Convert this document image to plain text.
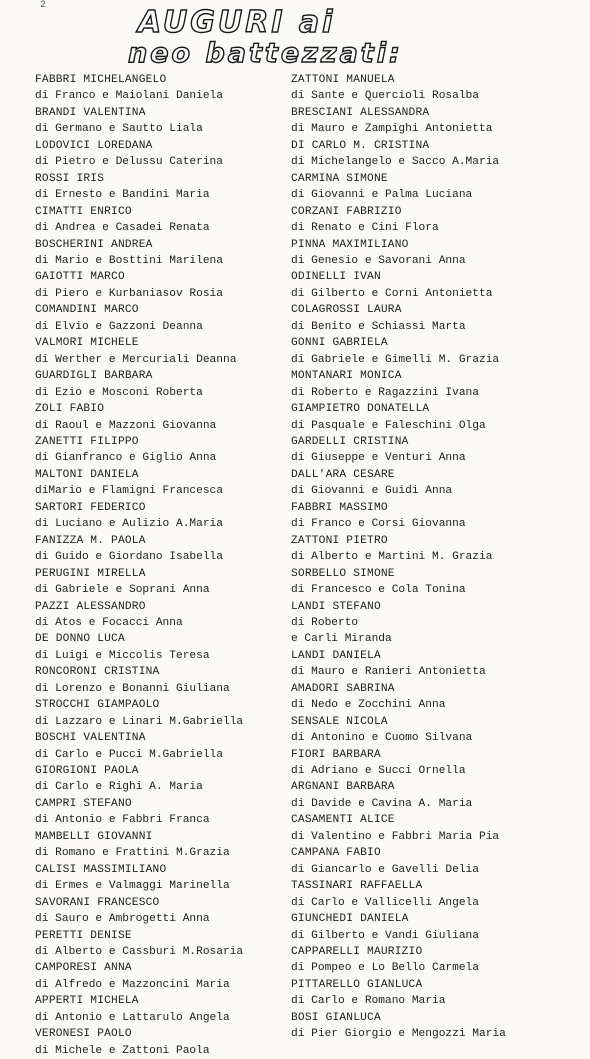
2	AUGURI ai
neo battezzati:
FABBRI MICHELANGELO
di Franco e Maiolani Daniela
BRANDI VALENTINA
di Germano e Sautto Liala
LODOVICI LOREDANA
di Pietro e Delussu Caterina
ROSSI IRIS
di Ernesto e Bandini Maria
CIMATTI ENRICO
di Andrea e Casadei Renata
BOSCHERINI ANDREA
di Mario e Bosttini Marilena
GAIOTTI MARCO
di Piero e Kurbaniasov Rosia
COMANDINI MARCO
di Elvio e Gazzoni Deanna
VALMORI MICHELE
di Werther e Mercuriali Deanna
GUARDIGLI BARBARA
di Ezio e Mosconi Roberta
ZOLI FABIO
di Raoul e Mazzoni Giovanna
ZANETTI FILIPPO
di Gianfranco e Giglio Anna
MALTONI DANIELA
diMario e Flamigni Francesca
SARTORI FEDERICO
di Luciano e Aulizio A.Maria
FANIZZA M. PAOLA
di Guido e Giordano Isabella
PERUGINI MIRELLA
di Gabriele e Soprani Anna
PAZZI ALESSANDRO
di Atos e Focacci Anna
DE DONNO LUCA
di Luigi e Miccolis Teresa
RONCORONI CRISTINA
di Lorenzo e Bonanni Giuliana
STROCCHI GIAMPAOLO
di Lazzaro e Linari M.Gabriella
BOSCHI VALENTINA
di Carlo e Pucci M.Gabriella
GIORGIONI PAOLA
di Carlo e Righi A. Maria
CAMPRI STEFANO
di Antonio e Fabbri Franca
MAMBELLI GIOVANNI
di Romano e Frattini M.Grazia
CALISI MASSIMILIANO
di Ermes e Valmaggi Marinella
SAVORANI FRANCESCO
di Sauro e Ambrogetti Anna
PERETTI DENISE
di Alberto e Cassburi M.Rosaria
CAMPORESI ANNA
di Alfredo e Mazzoncini Maria
APPERTI MICHELA
di Antonio e Lattarulo Angela
VERONESI PAOLO
di Michele e Zattoni Paola
ZATTONI MANUELA
di Sante e Quercioli Rosalba
BRESCIANI ALESSANDRA
di Mauro e Zampighi Antonietta
DI CARLO M. CRISTINA
di Michelangelo e Sacco A.Maria
CARMINA SIMONE
di Giovanni e Palma Luciana
CORZANI FABRIZIO
di Renato e Cini Flora
PINNA MAXIMILIANO
di Genesio e Savorani Anna
ODINELLI IVAN
di Gilberto e Corni Antonietta
COLAGROSSI LAURA
di Benito e Schiassi Marta
GONNI GABRIELA
di Gabriele e Gimelli M. Grazia
MONTANARI MONICA
di Roberto e Ragazzini Ivana
GIAMPIETRO DONATELLA
di Pasquale e Faleschini Olga
GARDELLI CRISTINA
di Giuseppe e Venturi Anna
DALL'ARA CESARE
di Giovanni e Guidi Anna
FABBRI MASSIMO
di Franco e Corsi Giovanna
ZATTONI PIETRO
di Alberto e Martini M. Grazia
SORBELLO SIMONE
di Francesco e Cola Tonina
LANDI STEFANO
di Roberto
e Carli Miranda
LANDI DANIELA
di Mauro e Ranieri Antonietta
AMADORI SABRINA
di Nedo e Zocchini Anna
SENSALE NICOLA
di Antonino e Cuomo Silvana
FIORI BARBARA
di Adriano e Succi Ornella
ARGNANI BARBARA
di Davide e Cavina A. Maria
CASAMENTI ALICE
di Valentino e Fabbri Maria Pia
CAMPANA FABIO
di Giancarlo e Gavelli Delia
TASSINARI RAFFAELLA
di Carlo e Vallicelli Angela
GIUNCHEDI DANIELA
di Gilberto e Vandi Giuliana
CAPPARELLI MAURIZIO
di Pompeo e Lo Bello Carmela
PITTARELLO GIANLUCA
di Carlo e Romano Maria
BOSI GIANLUCA
di Pier Giorgio e Mengozzi Maria
